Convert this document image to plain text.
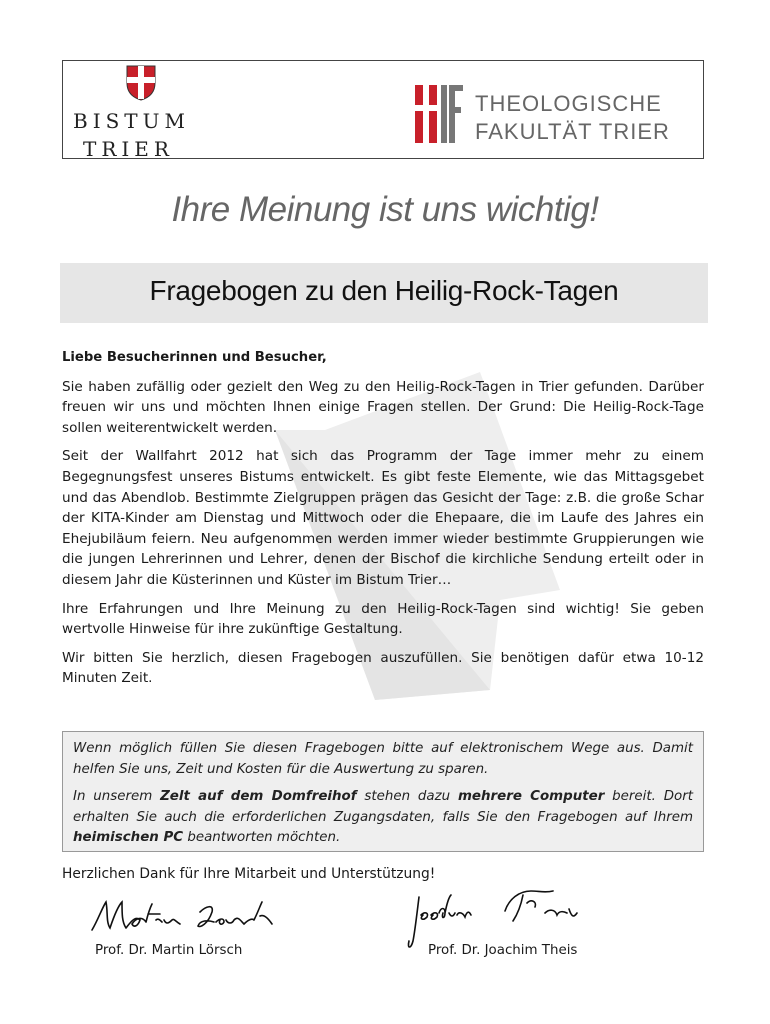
BISTUM
TRIER
THEOLOGISCHE
FAKULTÄT TRIER
Ihre Meinung ist uns wichtig!
Fragebogen zu den Heilig-Rock-Tagen

Liebe Besucherinnen und Besucher,

Sie haben zufällig oder gezielt den Weg zu den Heilig-Rock-Tagen in Trier gefunden. Darüber freuen wir uns und möchten Ihnen einige Fragen stellen. Der Grund: Die Heilig-Rock-Tage sollen weiterentwickelt werden.

Seit der Wallfahrt 2012 hat sich das Programm der Tage immer mehr zu einem Begegnungsfest unseres Bistums entwickelt. Es gibt feste Elemente, wie das Mittagsgebet und das Abendlob. Bestimmte Zielgruppen prägen das Gesicht der Tage: z.B. die große Schar der KITA-Kinder am Dienstag und Mittwoch oder die Ehepaare, die im Laufe des Jahres ein Ehejubiläum feiern. Neu aufgenommen werden immer wieder bestimmte Gruppierungen wie die jungen Lehrerinnen und Lehrer, denen der Bischof die kirchliche Sendung erteilt oder in diesem Jahr die Küsterinnen und Küster im Bistum Trier…

Ihre Erfahrungen und Ihre Meinung zu den Heilig-Rock-Tagen sind wichtig! Sie geben wertvolle Hinweise für ihre zukünftige Gestaltung.

Wir bitten Sie herzlich, diesen Fragebogen auszufüllen. Sie benötigen dafür etwa 10-12 Minuten Zeit.

Wenn möglich füllen Sie diesen Fragebogen bitte auf elektronischem Wege aus. Damit helfen Sie uns, Zeit und Kosten für die Auswertung zu sparen.

In unserem Zelt auf dem Domfreihof stehen dazu mehrere Computer bereit. Dort erhalten Sie auch die erforderlichen Zugangsdaten, falls Sie den Fragebogen auf Ihrem heimischen PC beantworten möchten.

Herzlichen Dank für Ihre Mitarbeit und Unterstützung!
Prof. Dr. Martin Lörsch	Prof. Dr. Joachim Theis
